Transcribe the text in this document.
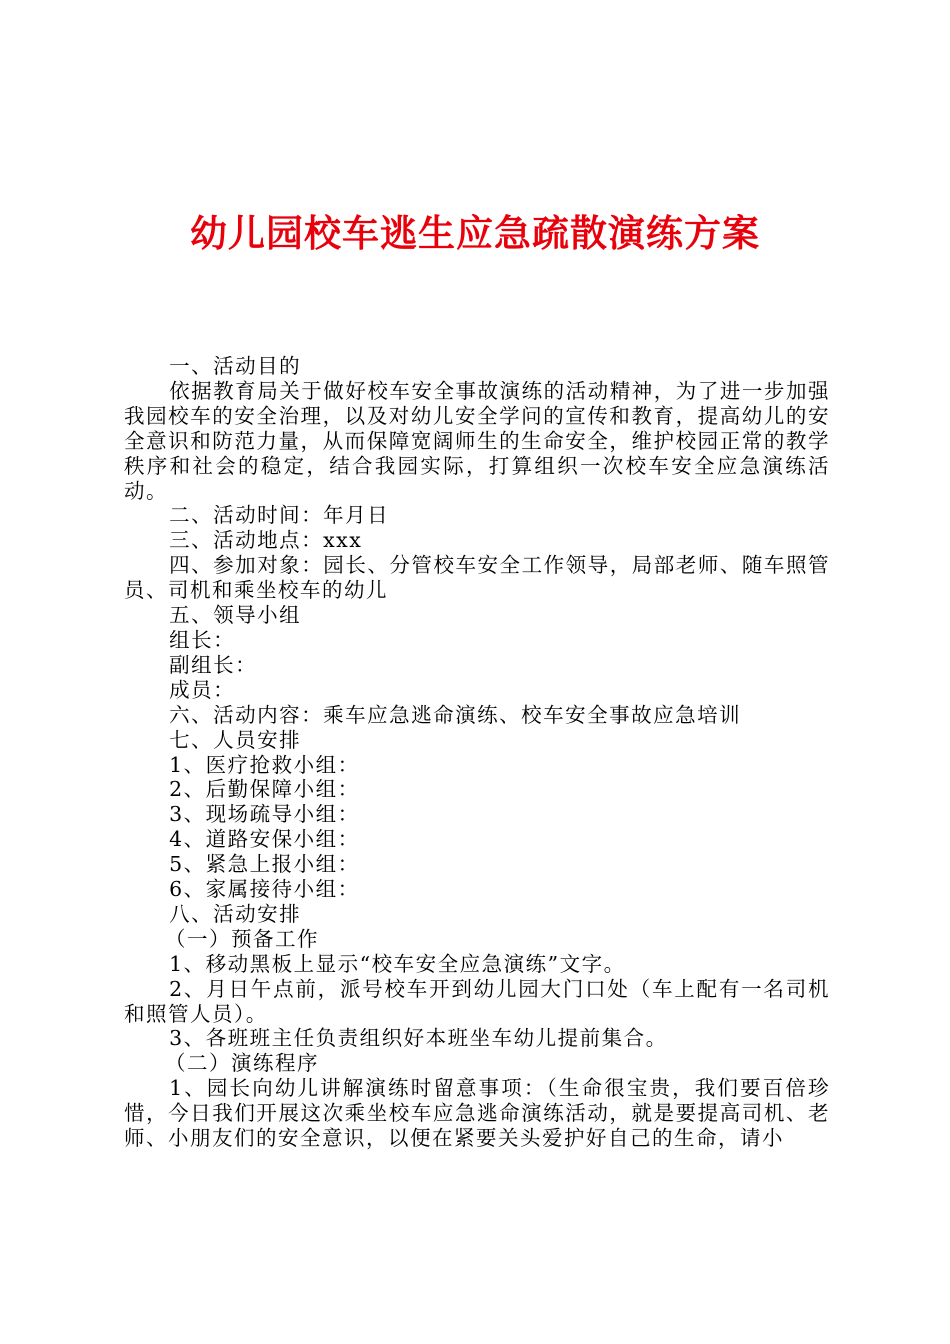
幼儿园校车逃生应急疏散演练方案

一、活动目的

依据教育局关于做好校车安全事故演练的活动精神，为了进一步加强我园校车的安全治理，以及对幼儿安全学问的宣传和教育，提高幼儿的安全意识和防范力量，从而保障宽阔师生的生命安全，维护校园正常的教学秩序和社会的稳定，结合我园实际，打算组织一次校车安全应急演练活动。

二、活动时间：年月日

三、活动地点：xxx

四、参加对象：园长、分管校车安全工作领导，局部老师、随车照管员、司机和乘坐校车的幼儿

五、领导小组

组长：

副组长：

成员：

六、活动内容：乘车应急逃命演练、校车安全事故应急培训

七、人员安排

1、医疗抢救小组：

2、后勤保障小组：

3、现场疏导小组：

4、道路安保小组：

5、紧急上报小组：

6、家属接待小组：

八、活动安排

（一）预备工作

1、移动黑板上显示“校车安全应急演练”文字。

2、月日午点前，派号校车开到幼儿园大门口处（车上配有一名司机和照管人员）。

3、各班班主任负责组织好本班坐车幼儿提前集合。

（二）演练程序

1、园长向幼儿讲解演练时留意事项：（生命很宝贵，我们要百倍珍惜，今日我们开展这次乘坐校车应急逃命演练活动，就是要提高司机、老师、小朋友们的安全意识，以便在紧要关头爱护好自己的生命，请小
